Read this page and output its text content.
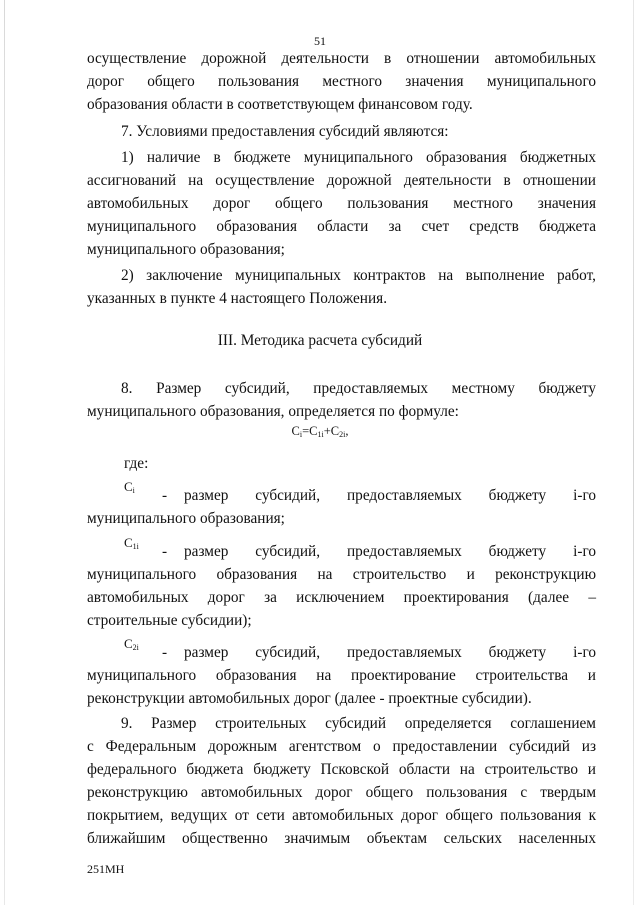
51

осуществление дорожной деятельности в отношении автомобильных

дорог общего пользования местного значения муниципального

образования области в соответствующем финансовом году.

7. Условиями предоставления субсидий являются:

1) наличие в бюджете муниципального образования бюджетных

ассигнований на осуществление дорожной деятельности в отношении

автомобильных дорог общего пользования местного значения

муниципального образования области за счет средств бюджета

муниципального образования;

2) заключение муниципальных контрактов на выполнение работ,

указанных в пункте 4 настоящего Положения.

III. Методика расчета субсидий

8. Размер субсидий, предоставляемых местному бюджету

муниципального образования, определяется по формуле:

$C_i=C_{1i}+C_{2i}$,

где:

$C_i$ - размер субсидий, предоставляемых бюджету i-го

муниципального образования;

$C_{1i}$ - размер субсидий, предоставляемых бюджету i-го

муниципального образования на строительство и реконструкцию

автомобильных дорог за исключением проектирования (далее –

строительные субсидии);

$C_{2i}$ - размер субсидий, предоставляемых бюджету i-го

муниципального образования на проектирование строительства и

реконструкции автомобильных дорог (далее - проектные субсидии).

9. Размер строительных субсидий определяется соглашением

с Федеральным дорожным агентством о предоставлении субсидий из

федерального бюджета бюджету Псковской области на строительство и

реконструкцию автомобильных дорог общего пользования с твердым

покрытием, ведущих от сети автомобильных дорог общего пользования к

ближайшим общественно значимым объектам сельских населенных

251МН
